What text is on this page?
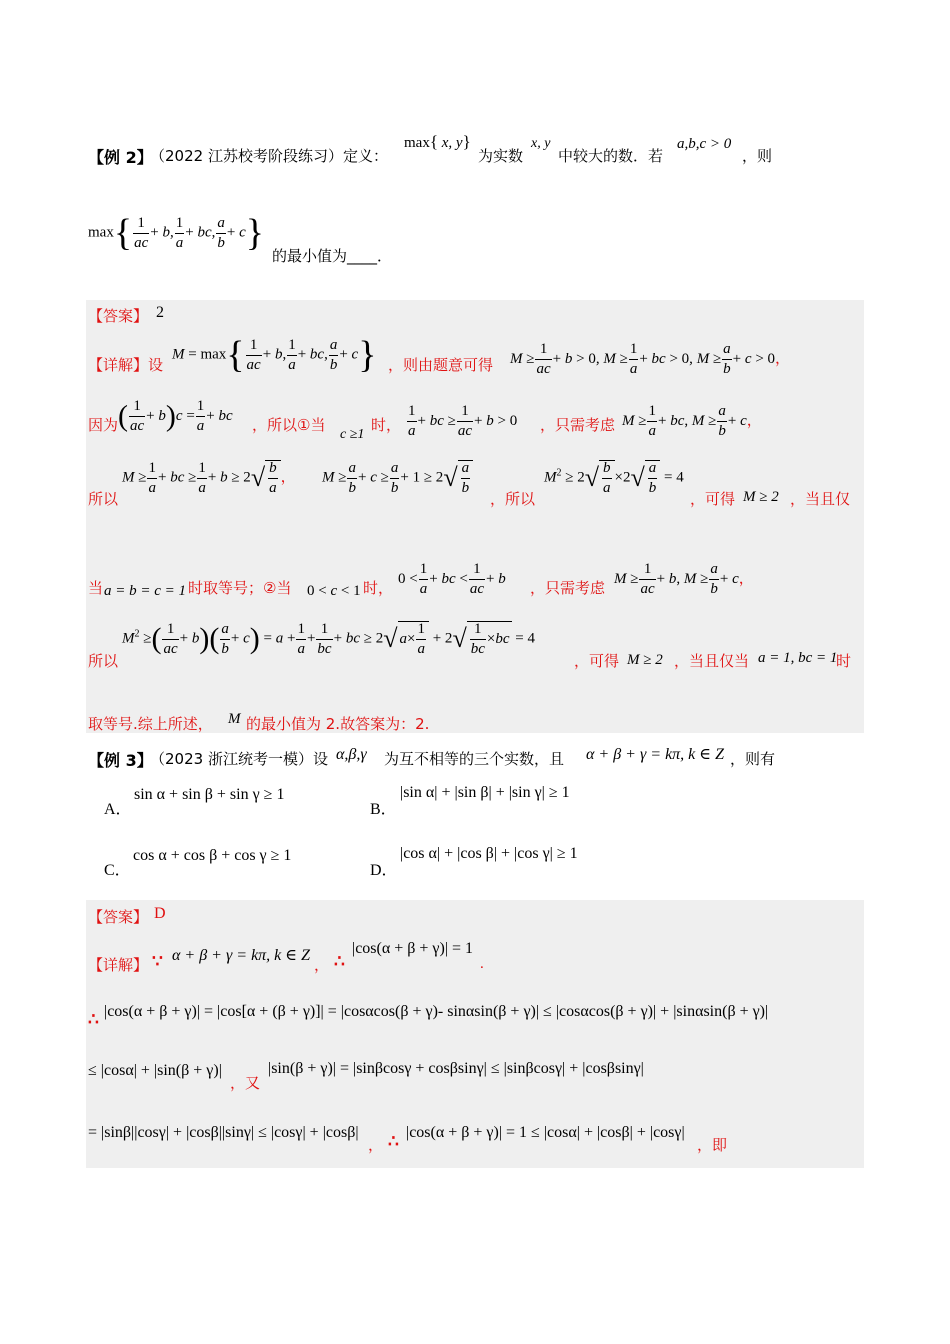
【例 2】
（2022 江苏校考阶段练习）定义：
max{ x, y}
为实数
x, y
中较大的数．若
a,b,c > 0
，则
$\max\{ \frac{1}{ac} + b$, $\frac{1}{a}$ + bc, $\frac{a}{b} + c$}
的最小值为____．
【答案】 2
【详解】设
$M = \max\{ \frac{1}{ac} + b$, $\frac{1}{a}$ + bc, $\frac{a}{b} + c$} ，则由题意可得 $M \ge \frac{1}{ac} + b > 0$, $M \ge \frac{1}{a}$ + bc > 0, $M \ge \frac{a}{b} + c > 0$，
因为 ( $\frac{1}{ac} + b)c = \frac{1}{a}$ + bc
，所以①当
c ≥1
时， $\frac{1}{a}$ + bc ≥ $\frac{1}{ac} + b > 0$ ，只需考虑 $M \ge \frac{1}{a}$ + bc, $M \ge \frac{a}{b} + c$，
所以
$M \ge \frac{1}{a}$ + bc ≥ $\frac{1}{a} + b \ge 2√ \frac{b}{a}$ ， $M \ge \frac{a}{b} + c \ge \frac{a}{b} + 1 \ge 2√ \frac{a}{b}$
，所以
$M^2 \ge 2√ \frac{b}{a} \times 2√ \frac{a}{b} = 4$
，可得 M ≥ 2 ，当且仅
当 a = b = c = 1 时取等号；②当 0 < c < 1 时，
$0 < \frac{1}{a}$ + bc < $\frac{1}{ac} + b$
，只需考虑
$M \ge \frac{1}{ac} + b$, $M \ge \frac{a}{b} + c$，
所以
$M^2$ ≥( $\frac{1}{ac} + b)( \frac{a}{b} + c) = a + \frac{1}{a} + \frac{1}{bc}$ + bc ≥ 2√ $a\times \frac{1}{a} + 2√ \frac{1}{bc} \times bc = 4$
，可得 M ≥ 2 ，当且仅当 a = 1, bc = 1
时
取等号.综上所述， M 的最小值为 2.故答案为：2.
【例 3】
（2023 浙江统考一模）设 α,β,γ 为互不相等的三个实数，且 α + β + γ = kπ, k ∈ Z ，则有
A．
sin α + sin β + sin γ ≥ 1
B．
|sin α| + |sin β| + |sin γ| ≥ 1
C．
cos α + cos β + cos γ ≥ 1
D．
|cos α| + |cos β| + |cos γ| ≥ 1
【答案】 D
【详解】 ∵ α + β + γ = kπ, k ∈ Z
， ∴
|cos(α + β + γ)| = 1
.
∴ |cos(α + β + γ)| = |cos[α + (β + γ)]| = |cosαcos(β + γ)- sinαsin(β + γ)| ≤ |cosαcos(β + γ)| + |sinαsin(β + γ)|
≤ |cosα| + |sin(β + γ)|
，又
|sin(β + γ)| = |sinβcosγ + cosβsinγ| ≤ |sinβcosγ| + |cosβsinγ|
= |sinβ||cosγ| + |cosβ||sinγ| ≤ |cosγ| + |cosβ|
， ∴ |cos(α + β + γ)| = 1 ≤ |cosα| + |cosβ| + |cosγ|
，即
